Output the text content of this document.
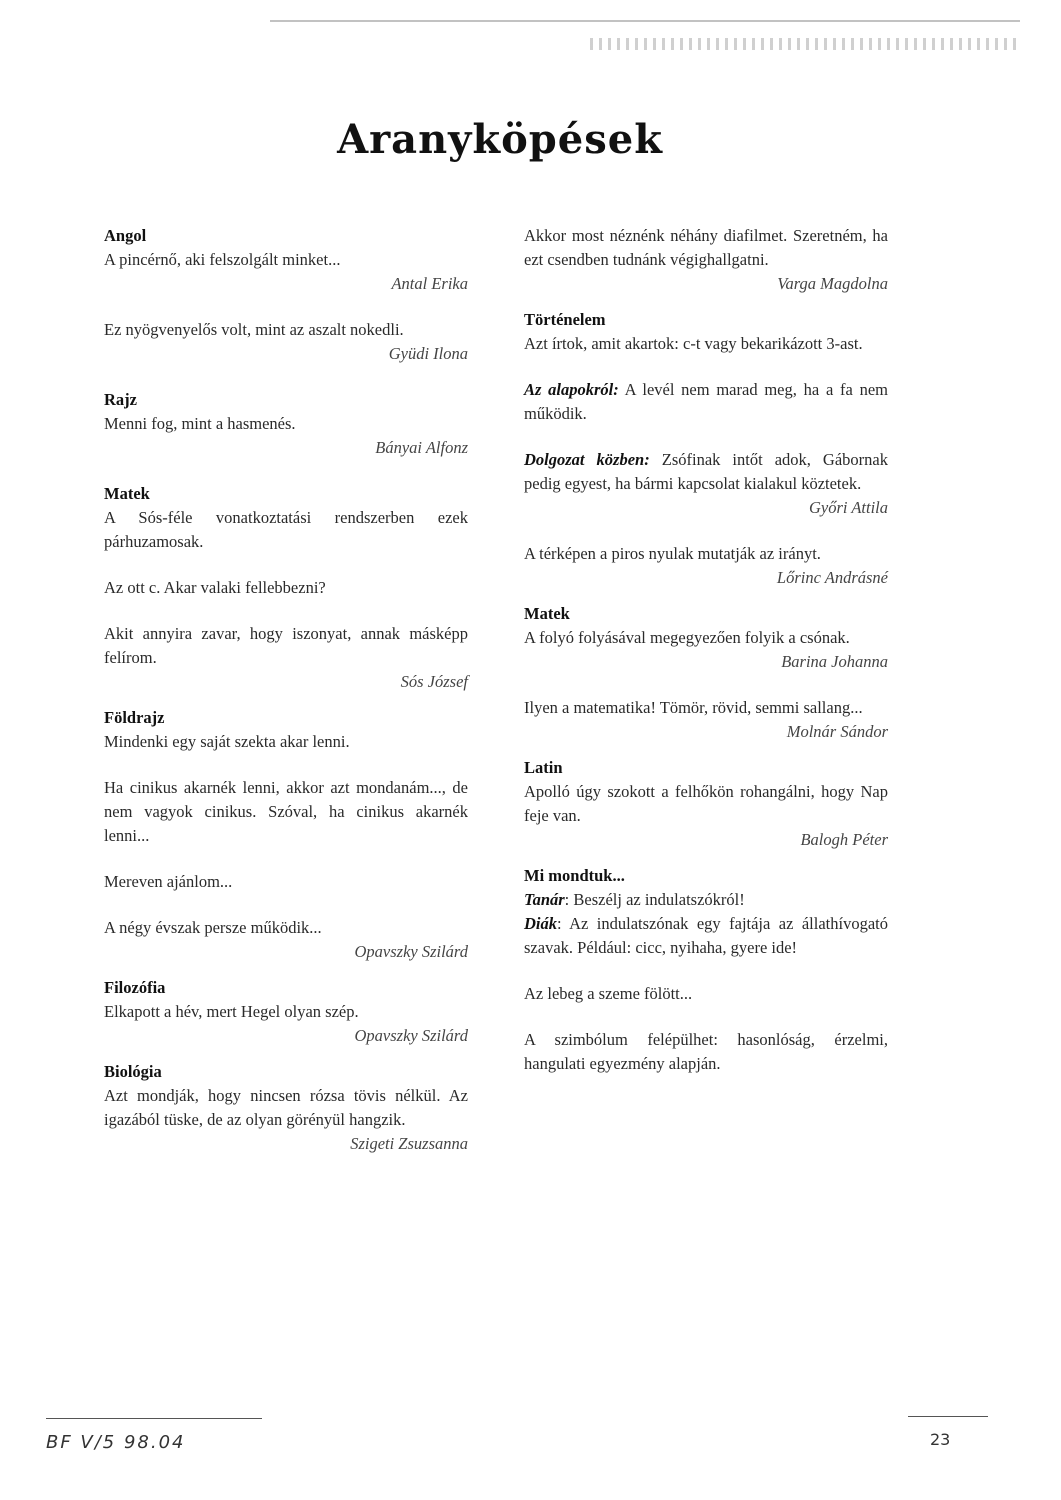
Aranyköpések

Angol

A pincérnő, aki felszolgált minket...

Antal Erika

Ez nyögvenyelős volt, mint az aszalt nokedli.

Gyüdi Ilona

Rajz

Menni fog, mint a hasmenés.

Bányai Alfonz

Matek

A Sós-féle vonatkoztatási rendszerben ezek párhuzamosak.

Az ott c. Akar valaki fellebbezni?

Akit annyira zavar, hogy iszonyat, annak másképp felírom.

Sós József

Földrajz

Mindenki egy saját szekta akar lenni.

Ha cinikus akarnék lenni, akkor azt mondanám..., de nem vagyok cinikus. Szóval, ha cinikus akarnék lenni...

Mereven ajánlom...

A négy évszak persze működik...

Opavszky Szilárd

Filozófia

Elkapott a hév, mert Hegel olyan szép.

Opavszky Szilárd

Biológia

Azt mondják, hogy nincsen rózsa tövis nélkül. Az igazából tüske, de az olyan görényül hangzik.

Szigeti Zsuzsanna

Akkor most néznénk néhány diafilmet. Szeretném, ha ezt csendben tudnánk végighallgatni.

Varga Magdolna

Történelem

Azt írtok, amit akartok: c-t vagy bekarikázott 3-ast.

Az alapokról: A levél nem marad meg, ha a fa nem működik.

Dolgozat közben: Zsófinak intőt adok, Gábornak pedig egyest, ha bármi kapcsolat kialakul köztetek.

Győri Attila

A térképen a piros nyulak mutatják az irányt.

Lőrinc Andrásné

Matek

A folyó folyásával megegyezően folyik a csónak.

Barina Johanna

Ilyen a matematika! Tömör, rövid, semmi sallang...

Molnár Sándor

Latin

Apolló úgy szokott a felhőkön rohangálni, hogy Nap feje van.

Balogh Péter

Mi mondtuk...

Tanár: Beszélj az indulatszókról!

Diák: Az indulatszónak egy fajtája az állathívogató szavak. Például: cicc, nyihaha, gyere ide!

Az lebeg a szeme fölött...

A szimbólum felépülhet: hasonlóság, érzelmi, hangulati egyezmény alapján.

BF V/5 98.04	23
